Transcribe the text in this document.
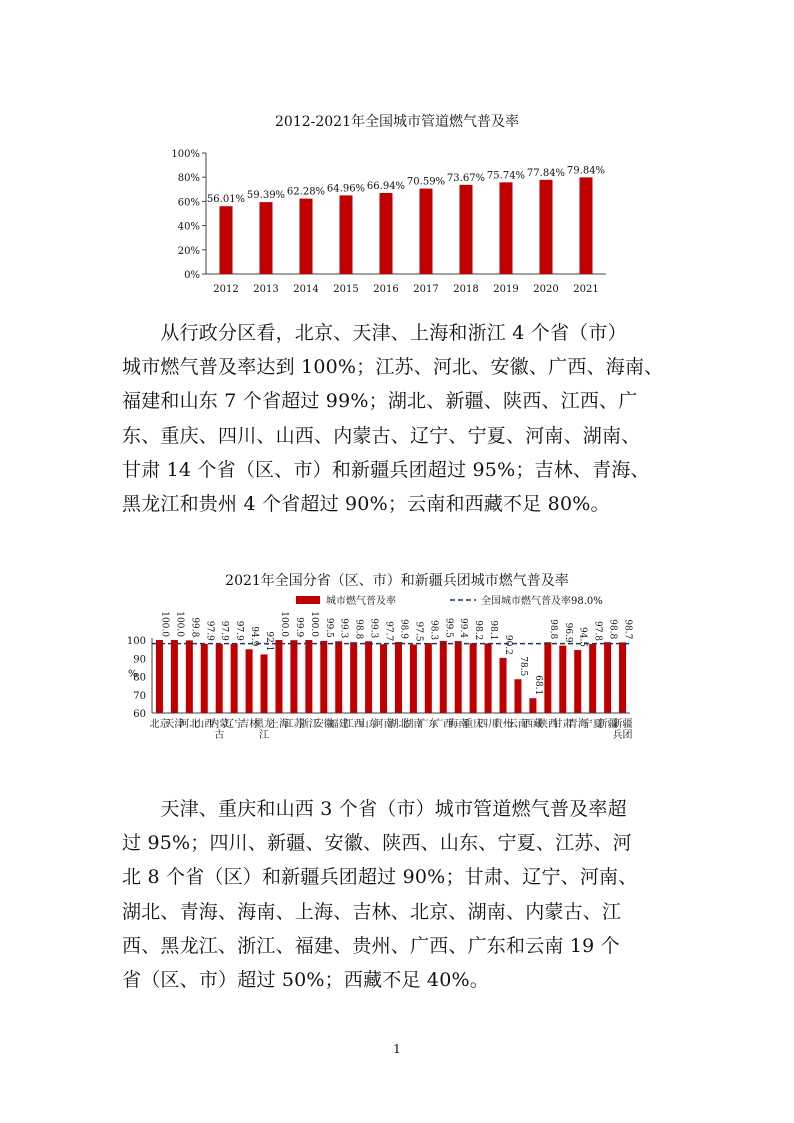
2012-2021年全国城市管道燃气普及率
0%
20%
40%
60%
80%
100%
56.01%
2012
59.39%
2013
62.28%
2014
64.96%
2015
66.94%
2016
70.59%
2017
73.67%
2018
75.74%
2019
77.84%
2020
79.84%
2021
　　从行政分区看，北京、天津、上海和浙江 4 个省（市）
城市燃气普及率达到 100%；江苏、河北、安徽、广西、海南、
福建和山东 7 个省超过 99%；湖北、新疆、陕西、江西、广
东、重庆、四川、山西、内蒙古、辽宁、宁夏、河南、湖南、
甘肃 14 个省（区、市）和新疆兵团超过 95%；吉林、青海、
黑龙江和贵州 4 个省超过 90%；云南和西藏不足 80%。
2021年全国分省（区、市）和新疆兵团城市燃气普及率
城市燃气普及率	全国城市燃气普及率98.0%
60
70
80
90
100
%
100.0
北京
100.0
天津
99.8
河北
97.9
山西
97.9
内蒙古
97.9
辽宁
94.9
吉林
92.1
黑龙江
100.0
上海
99.9
江苏
100.0
浙江
99.5
安徽
99.3
福建
98.8
江西
99.3
山东
97.7
河南
98.9
湖北
97.5
湖南
98.3
广东
99.5
广西
99.4
海南
98.2
重庆
98.1
四川
90.2
贵州
78.5
云南
68.1
西藏
98.8
陕西
96.9
甘肃
94.5
青海
97.8
宁夏
98.8
新疆
98.7
新疆兵团
　　天津、重庆和山西 3 个省（市）城市管道燃气普及率超
过 95%；四川、新疆、安徽、陕西、山东、宁夏、江苏、河
北 8 个省（区）和新疆兵团超过 90%；甘肃、辽宁、河南、
湖北、青海、海南、上海、吉林、北京、湖南、内蒙古、江
西、黑龙江、浙江、福建、贵州、广西、广东和云南 19 个
省（区、市）超过 50%；西藏不足 40%。
1
